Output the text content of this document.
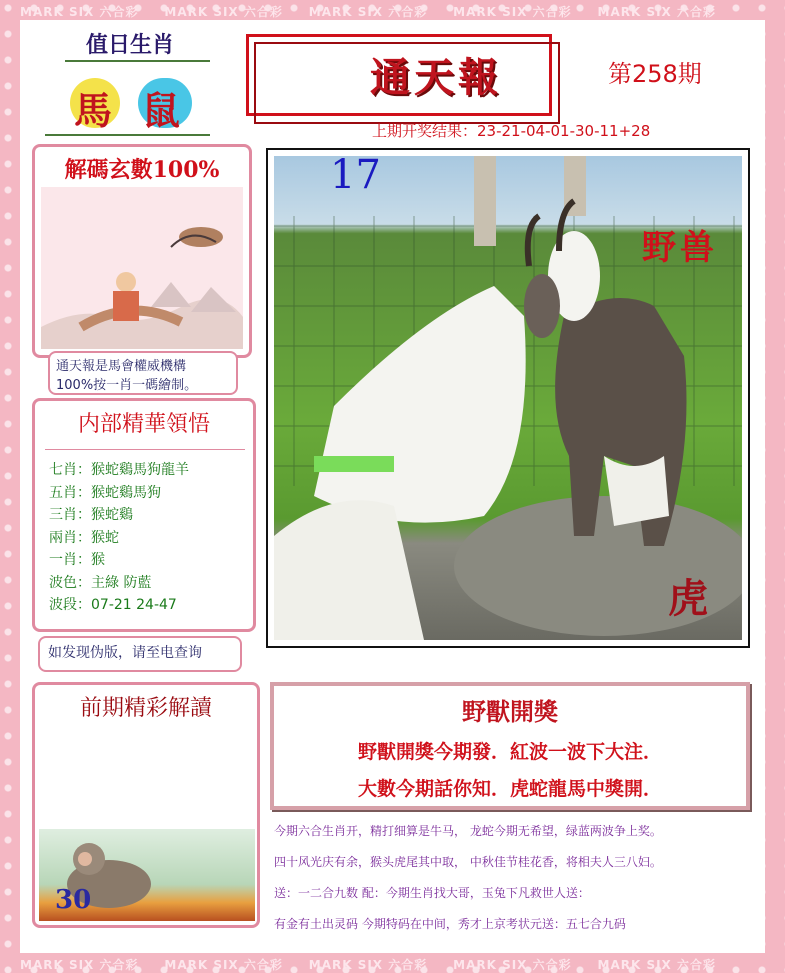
MARK SIX 六合彩 MARK SIX 六合彩 MARK SIX 六合彩 MARK SIX 六合彩 MARK SIX 六合彩
MARK SIX 六合彩 MARK SIX 六合彩 MARK SIX 六合彩 MARK SIX 六合彩 MARK SIX 六合彩
值日生肖
馬 鼠
通天報	第258期
上期开奖结果：23-21-04-01-30-11+28
解碼玄數100%
通天報是馬會權威機構
100%按一肖一碼繪制。
内部精華領悟
七肖：猴蛇鷄馬狗龍羊
五肖：猴蛇鷄馬狗
三肖：猴蛇鷄
兩肖：猴蛇
一肖：猴
波色：主綠 防藍
波段：07-21 24-47
如发现伪版，请至电查询
前期精彩解讀
30
17
野兽
虎
野獸開獎
野獸開獎今期發．紅波一波下大注．
大數今期話你知．虎蛇龍馬中獎開．
今期六合生肖开，精打细算是牛马， 龙蛇今期无希望，绿蓝两波争上奖。
四十风光庆有余，猴头虎尾其中取， 中秋佳节桂花香，将相夫人三八妇。
送：一二合九数 配：今期生肖找大哥，玉兔下凡救世人送：
有金有土出灵码 今期特码在中间，秀才上京考状元送：五七合九码
